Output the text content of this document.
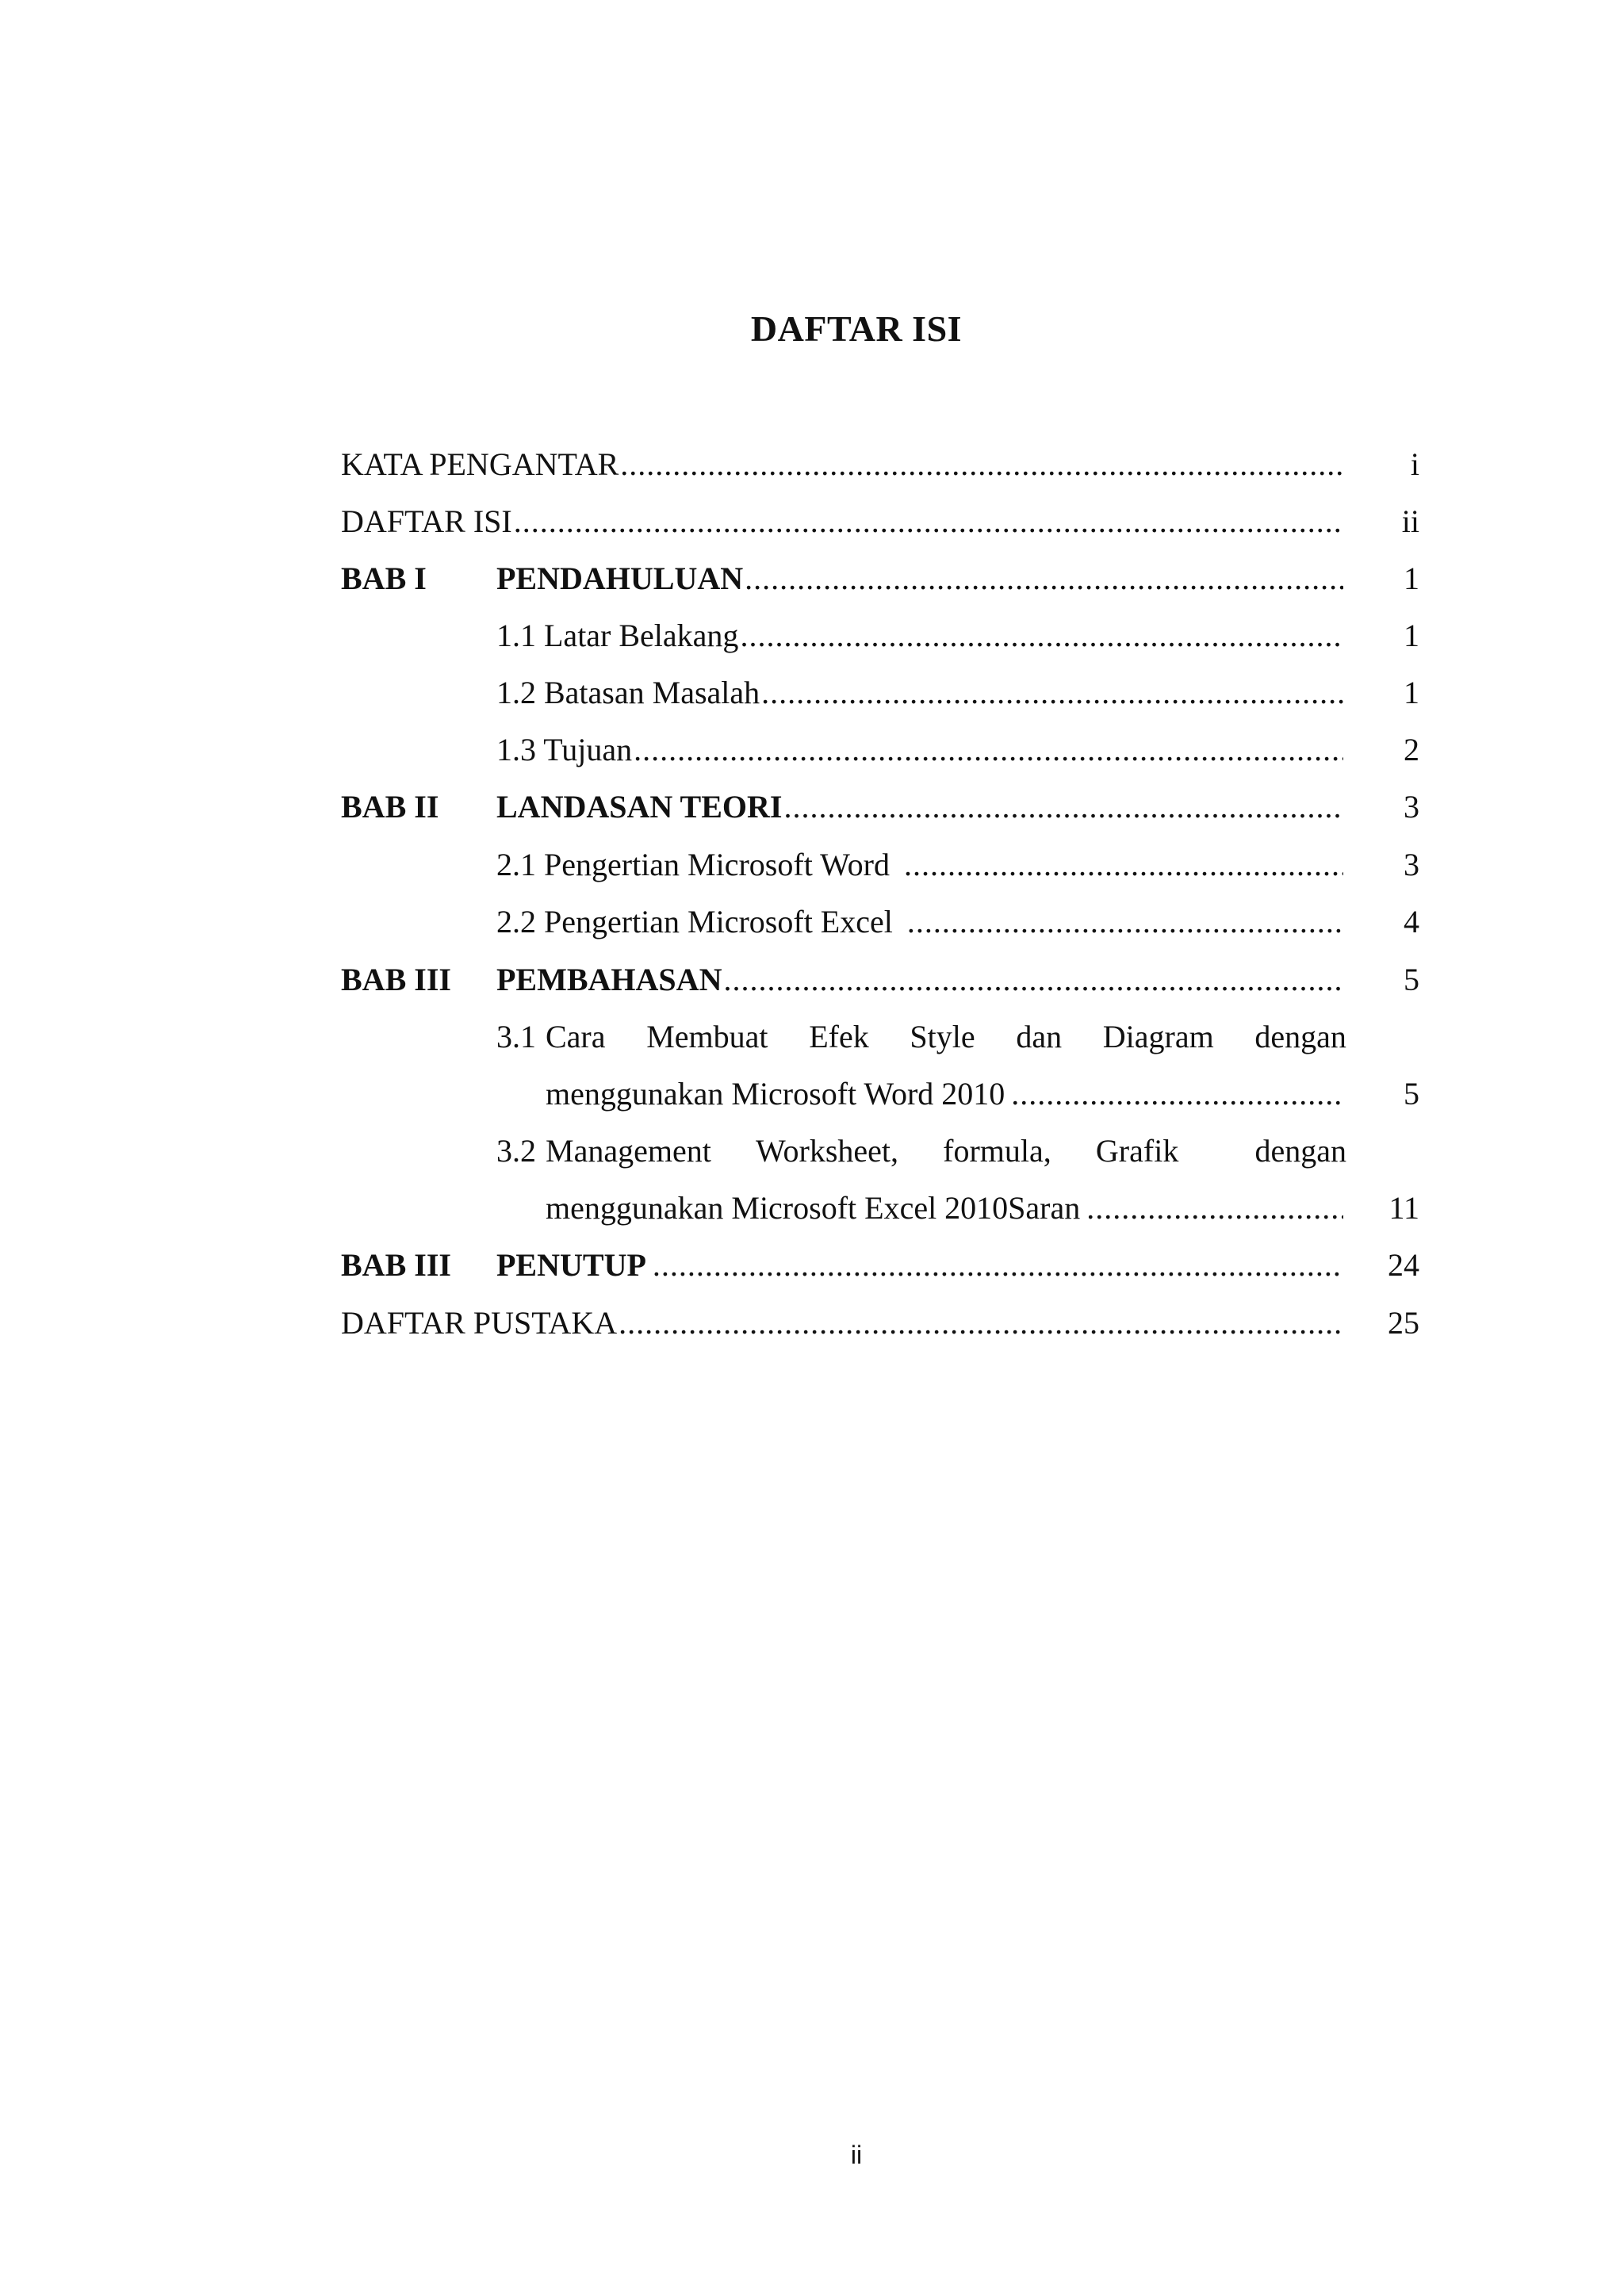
DAFTAR ISI
KATA PENGANTAR .....	i
DAFTAR ISI .....	ii
BAB I PENDAHULUAN .....	1
1.1 Latar Belakang .....	1
1.2 Batasan Masalah .....	1
1.3 Tujuan .....	2
BAB II LANDASAN TEORI .....	3
2.1 Pengertian Microsoft Word .....	3
2.2 Pengertian Microsoft Excel .....	4
BAB III PEMBAHASAN .....	5
3.1 Cara Membuat Efek Style dan Diagram dengan
menggunakan Microsoft Word 2010 .....	5
3.2 Management Worksheet, formula, Grafik dengan
menggunakan Microsoft Excel 2010Saran .....	11
BAB III PENUTUP .....	24
DAFTAR PUSTAKA .....	25
ii
